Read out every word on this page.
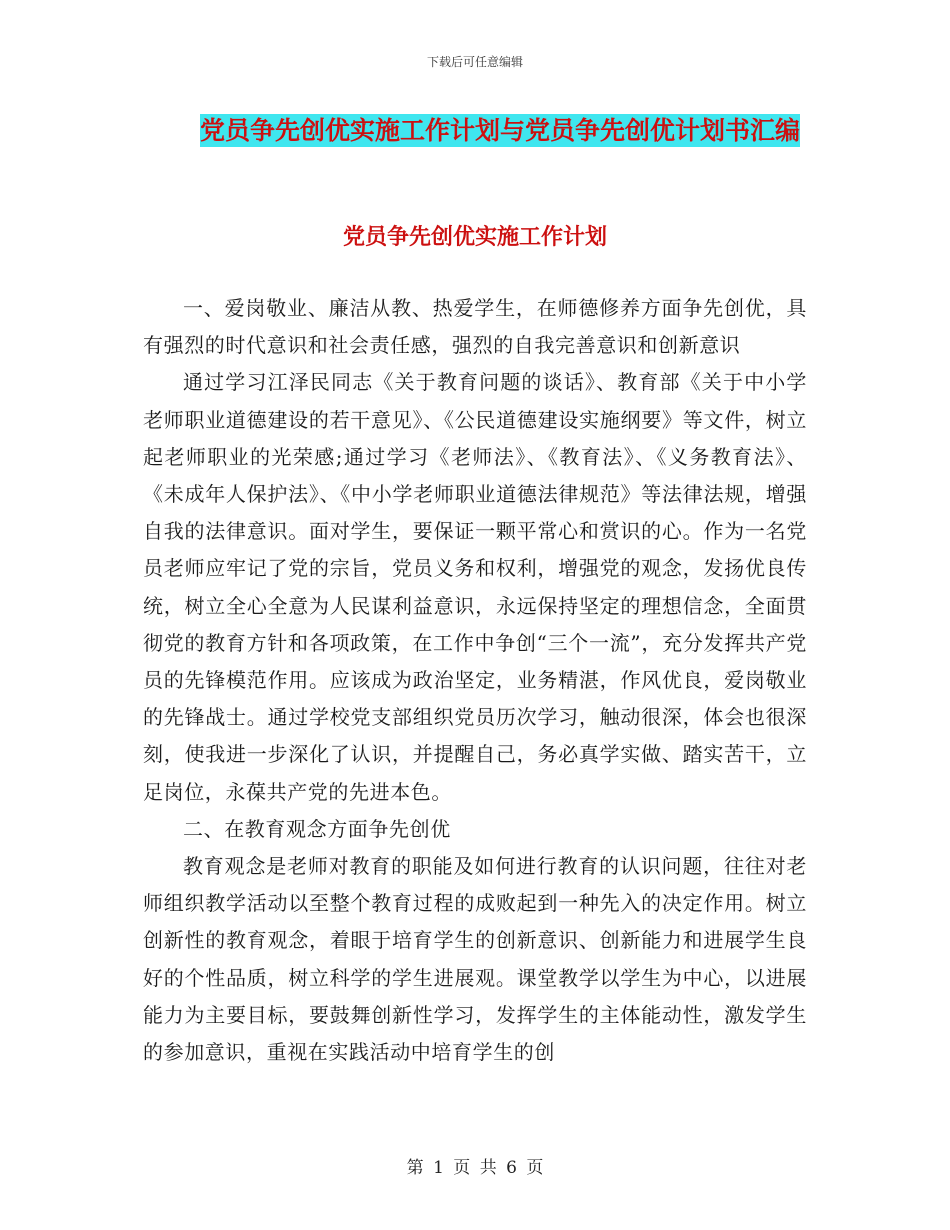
下载后可任意编辑
党员争先创优实施工作计划与党员争先创优计划书汇编
党员争先创优实施工作计划

一、爱岗敬业、廉洁从教、热爱学生，在师德修养方面争先创优，具有强烈的时代意识和社会责任感，强烈的自我完善意识和创新意识

通过学习江泽民同志《关于教育问题的谈话》、教育部《关于中小学老师职业道德建设的若干意见》、《公民道德建设实施纲要》等文件，树立起老师职业的光荣感;通过学习《老师法》、《教育法》、《义务教育法》、《未成年人保护法》、《中小学老师职业道德法律规范》等法律法规，增强自我的法律意识。面对学生，要保证一颗平常心和赏识的心。作为一名党员老师应牢记了党的宗旨，党员义务和权利，增强党的观念，发扬优良传统，树立全心全意为人民谋利益意识，永远保持坚定的理想信念，全面贯彻党的教育方针和各项政策，在工作中争创“三个一流”，充分发挥共产党员的先锋模范作用。应该成为政治坚定，业务精湛，作风优良，爱岗敬业的先锋战士。通过学校党支部组织党员历次学习，触动很深，体会也很深刻，使我进一步深化了认识，并提醒自己，务必真学实做、踏实苦干，立足岗位，永葆共产党的先进本色。

二、在教育观念方面争先创优

教育观念是老师对教育的职能及如何进行教育的认识问题，往往对老师组织教学活动以至整个教育过程的成败起到一种先入的决定作用。树立创新性的教育观念，着眼于培育学生的创新意识、创新能力和进展学生良好的个性品质，树立科学的学生进展观。课堂教学以学生为中心，以进展能力为主要目标，要鼓舞创新性学习，发挥学生的主体能动性，激发学生的参加意识，重视在实践活动中培育学生的创

第 1 页 共 6 页
